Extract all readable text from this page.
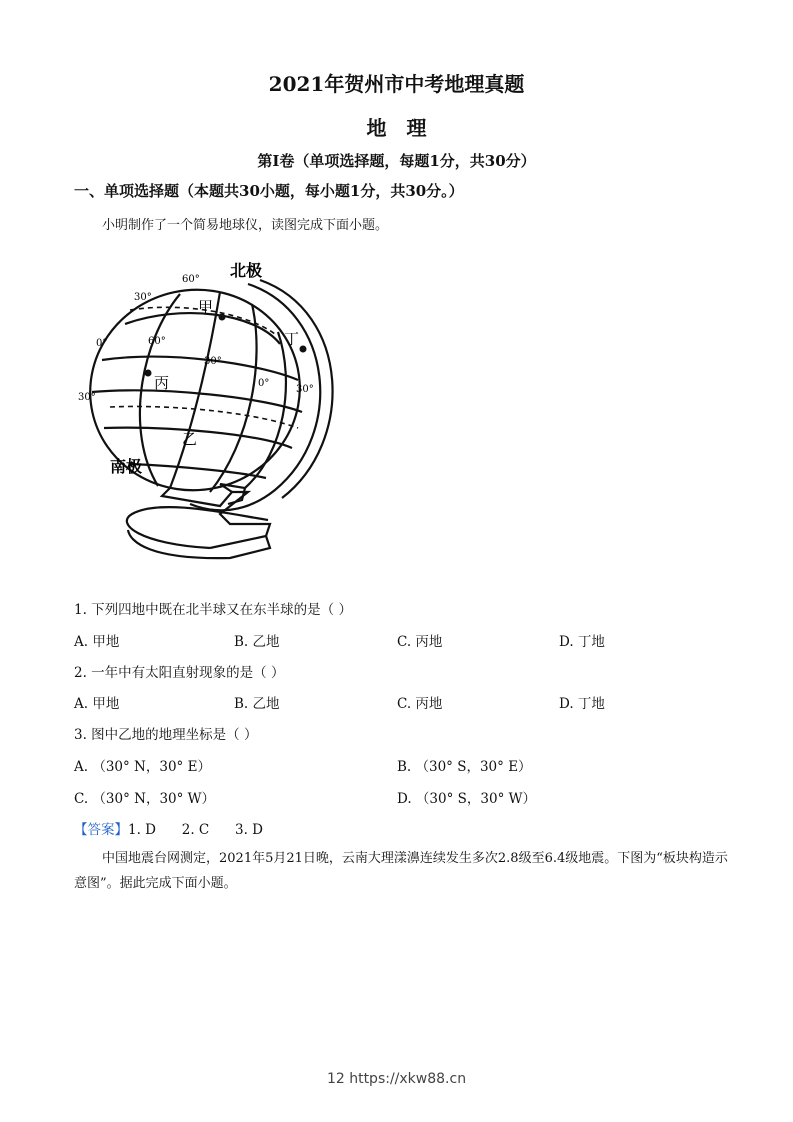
2021年贺州市中考地理真题
地理
第Ⅰ卷（单项选择题，每题1分，共30分）
一、单项选择题（本题共30小题，每小题1分，共30分。）
小明制作了一个简易地球仪，读图完成下面小题。
北极
南极
甲
乙
丙
丁
60°
30°
0°
30°
60°
30°
0°
30°
1. 下列四地中既在北半球又在东半球的是（ ）
A. 甲地	B. 乙地	C. 丙地	D. 丁地
2. 一年中有太阳直射现象的是（ ）
A. 甲地	B. 乙地	C. 丙地	D. 丁地
3. 图中乙地的地理坐标是（ ）
A. （30° N，30° E）	B. （30° S，30° E）
C. （30° N，30° W）	D. （30° S，30° W）
【答案】1. D      2. C      3. D
中国地震台网测定，2021年5月21日晚，云南大理漾濞连续发生多次2.8级至6.4级地震。下图为“板块构造示意图”。据此完成下面小题。
12 https://xkw88.cn
